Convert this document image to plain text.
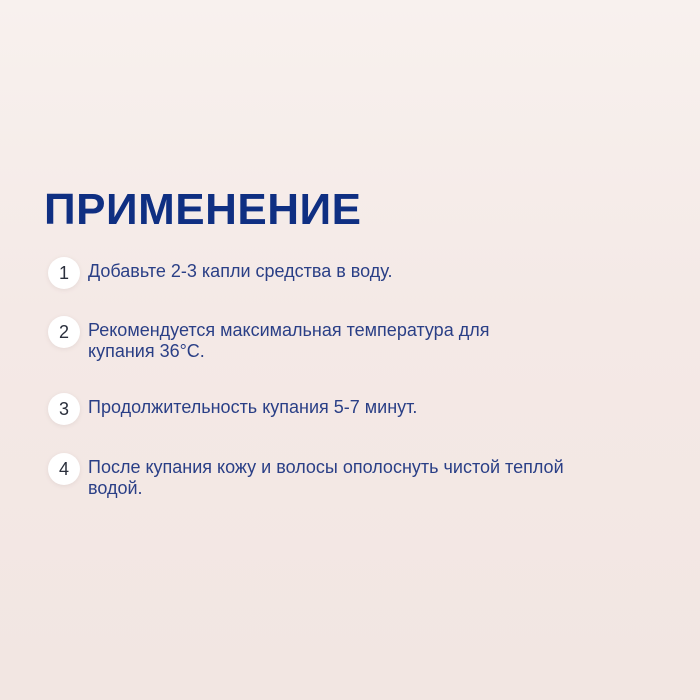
ПРИМЕНЕНИЕ
1	Добавьте 2-3 капли средства в воду.
2	Рекомендуется максимальная температура для купания 36°С.
3	Продолжительность купания 5-7 минут.
4	После купания кожу и волосы ополоснуть чистой теплой водой.
